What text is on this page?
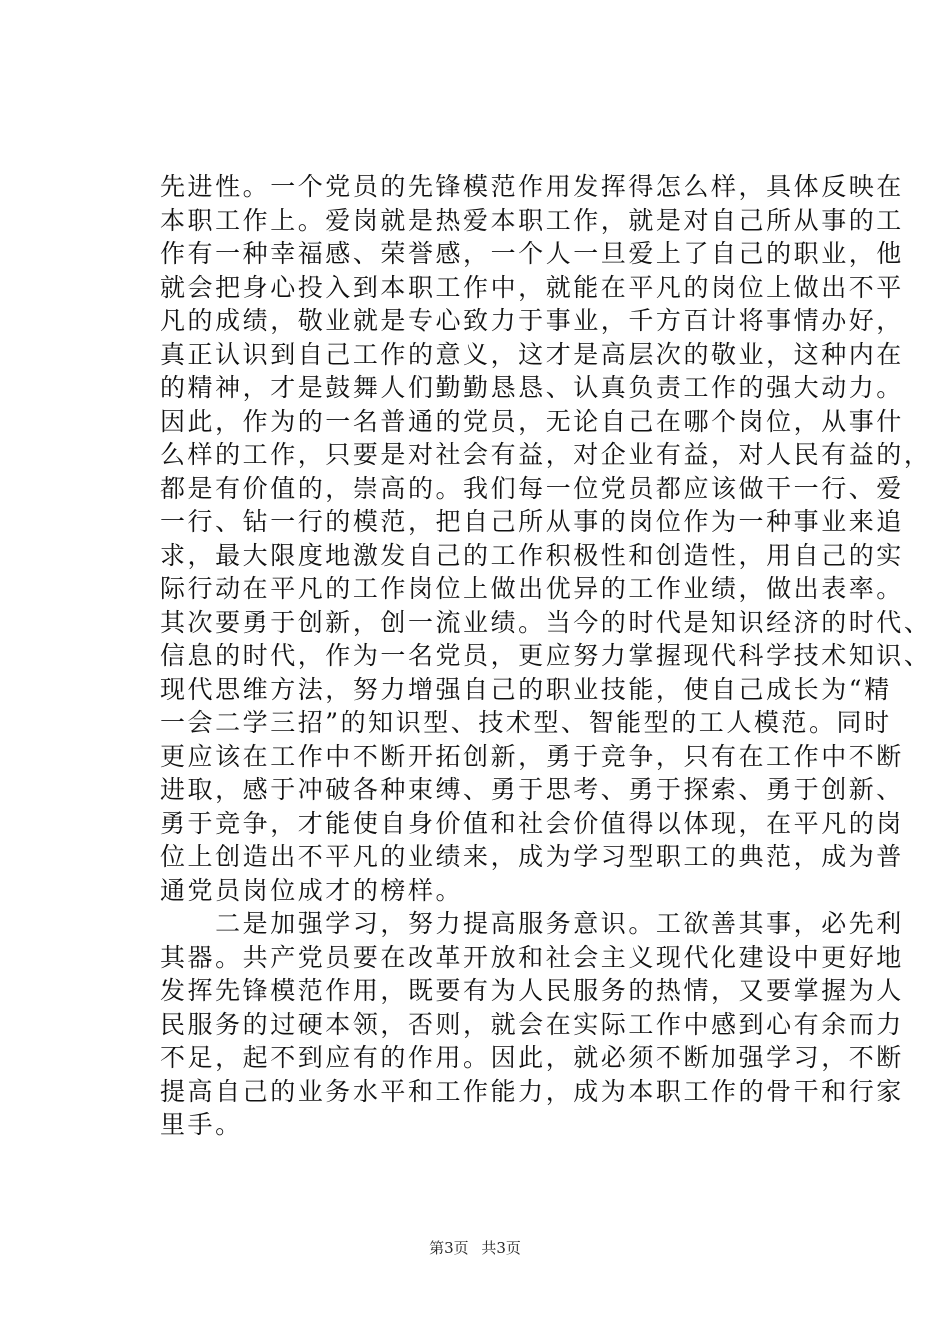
先进性。一个党员的先锋模范作用发挥得怎么样，具体反映在
本职工作上。爱岗就是热爱本职工作，就是对自己所从事的工
作有一种幸福感、荣誉感，一个人一旦爱上了自己的职业，他
就会把身心投入到本职工作中，就能在平凡的岗位上做出不平
凡的成绩，敬业就是专心致力于事业，千方百计将事情办好，
真正认识到自己工作的意义，这才是高层次的敬业，这种内在
的精神，才是鼓舞人们勤勤恳恳、认真负责工作的强大动力。
因此，作为的一名普通的党员，无论自己在哪个岗位，从事什
么样的工作，只要是对社会有益，对企业有益，对人民有益的，
都是有价值的，崇高的。我们每一位党员都应该做干一行、爱
一行、钻一行的模范，把自己所从事的岗位作为一种事业来追
求，最大限度地激发自己的工作积极性和创造性，用自己的实
际行动在平凡的工作岗位上做出优异的工作业绩，做出表率。
其次要勇于创新，创一流业绩。当今的时代是知识经济的时代、
信息的时代，作为一名党员，更应努力掌握现代科学技术知识、
现代思维方法，努力增强自己的职业技能，使自己成长为“精
一会二学三招”的知识型、技术型、智能型的工人模范。同时
更应该在工作中不断开拓创新，勇于竞争，只有在工作中不断
进取，感于冲破各种束缚、勇于思考、勇于探索、勇于创新、
勇于竞争，才能使自身价值和社会价值得以体现，在平凡的岗
位上创造出不平凡的业绩来，成为学习型职工的典范，成为普
通党员岗位成才的榜样。
　　二是加强学习，努力提高服务意识。工欲善其事，必先利
其器。共产党员要在改革开放和社会主义现代化建设中更好地
发挥先锋模范作用，既要有为人民服务的热情，又要掌握为人
民服务的过硬本领，否则，就会在实际工作中感到心有余而力
不足，起不到应有的作用。因此，就必须不断加强学习，不断
提高自己的业务水平和工作能力，成为本职工作的骨干和行家
里手。
第3页 共3页
